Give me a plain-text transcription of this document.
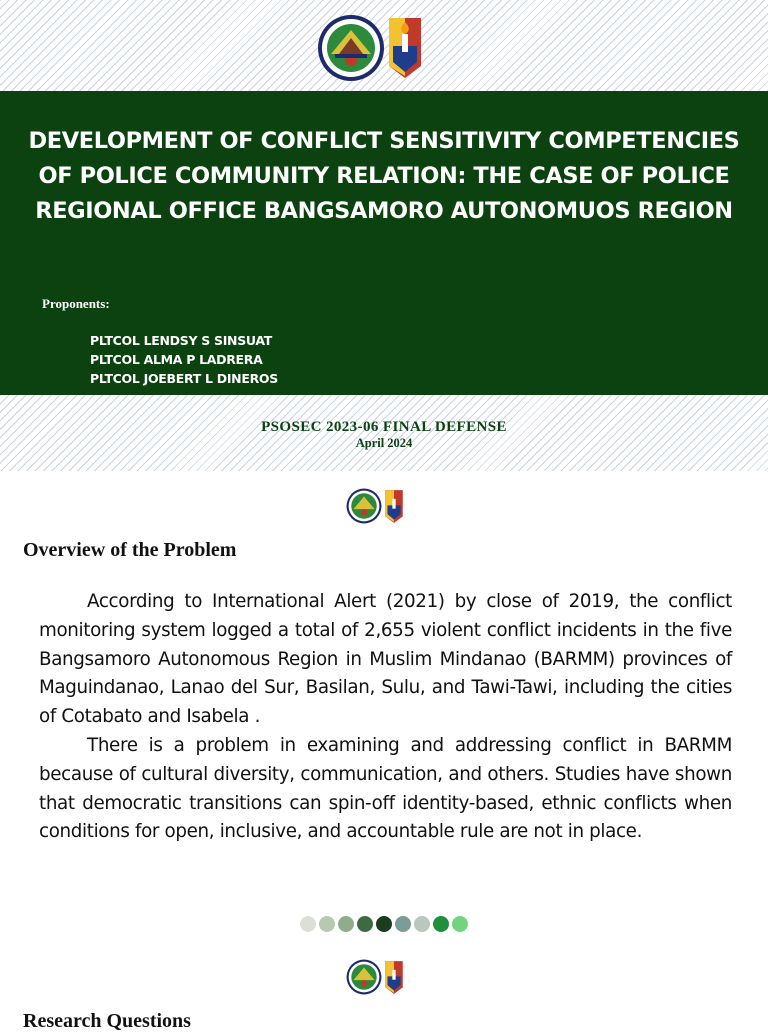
DEVELOPMENT OF CONFLICT SENSITIVITY COMPETENCIES OF POLICE COMMUNITY RELATION: THE CASE OF POLICE REGIONAL OFFICE BANGSAMORO AUTONOMUOS REGION
Proponents:
PLTCOL LENDSY S SINSUAT
PLTCOL ALMA P LADRERA
PLTCOL JOEBERT L DINEROS
PSOSEC 2023-06 FINAL DEFENSE
April 2024
Overview of the Problem

According to International Alert (2021) by close of 2019, the conflict monitoring system logged a total of 2,655 violent conflict incidents in the five Bangsamoro Autonomous Region in Muslim Mindanao (BARMM) provinces of Maguindanao, Lanao del Sur, Basilan, Sulu, and Tawi-Tawi, including the cities of Cotabato and Isabela .

There is a problem in examining and addressing conflict in BARMM because of cultural diversity, communication, and others. Studies have shown that democratic transitions can spin-off identity-based, ethnic conflicts when conditions for open, inclusive, and accountable rule are not in place.

Research Questions
